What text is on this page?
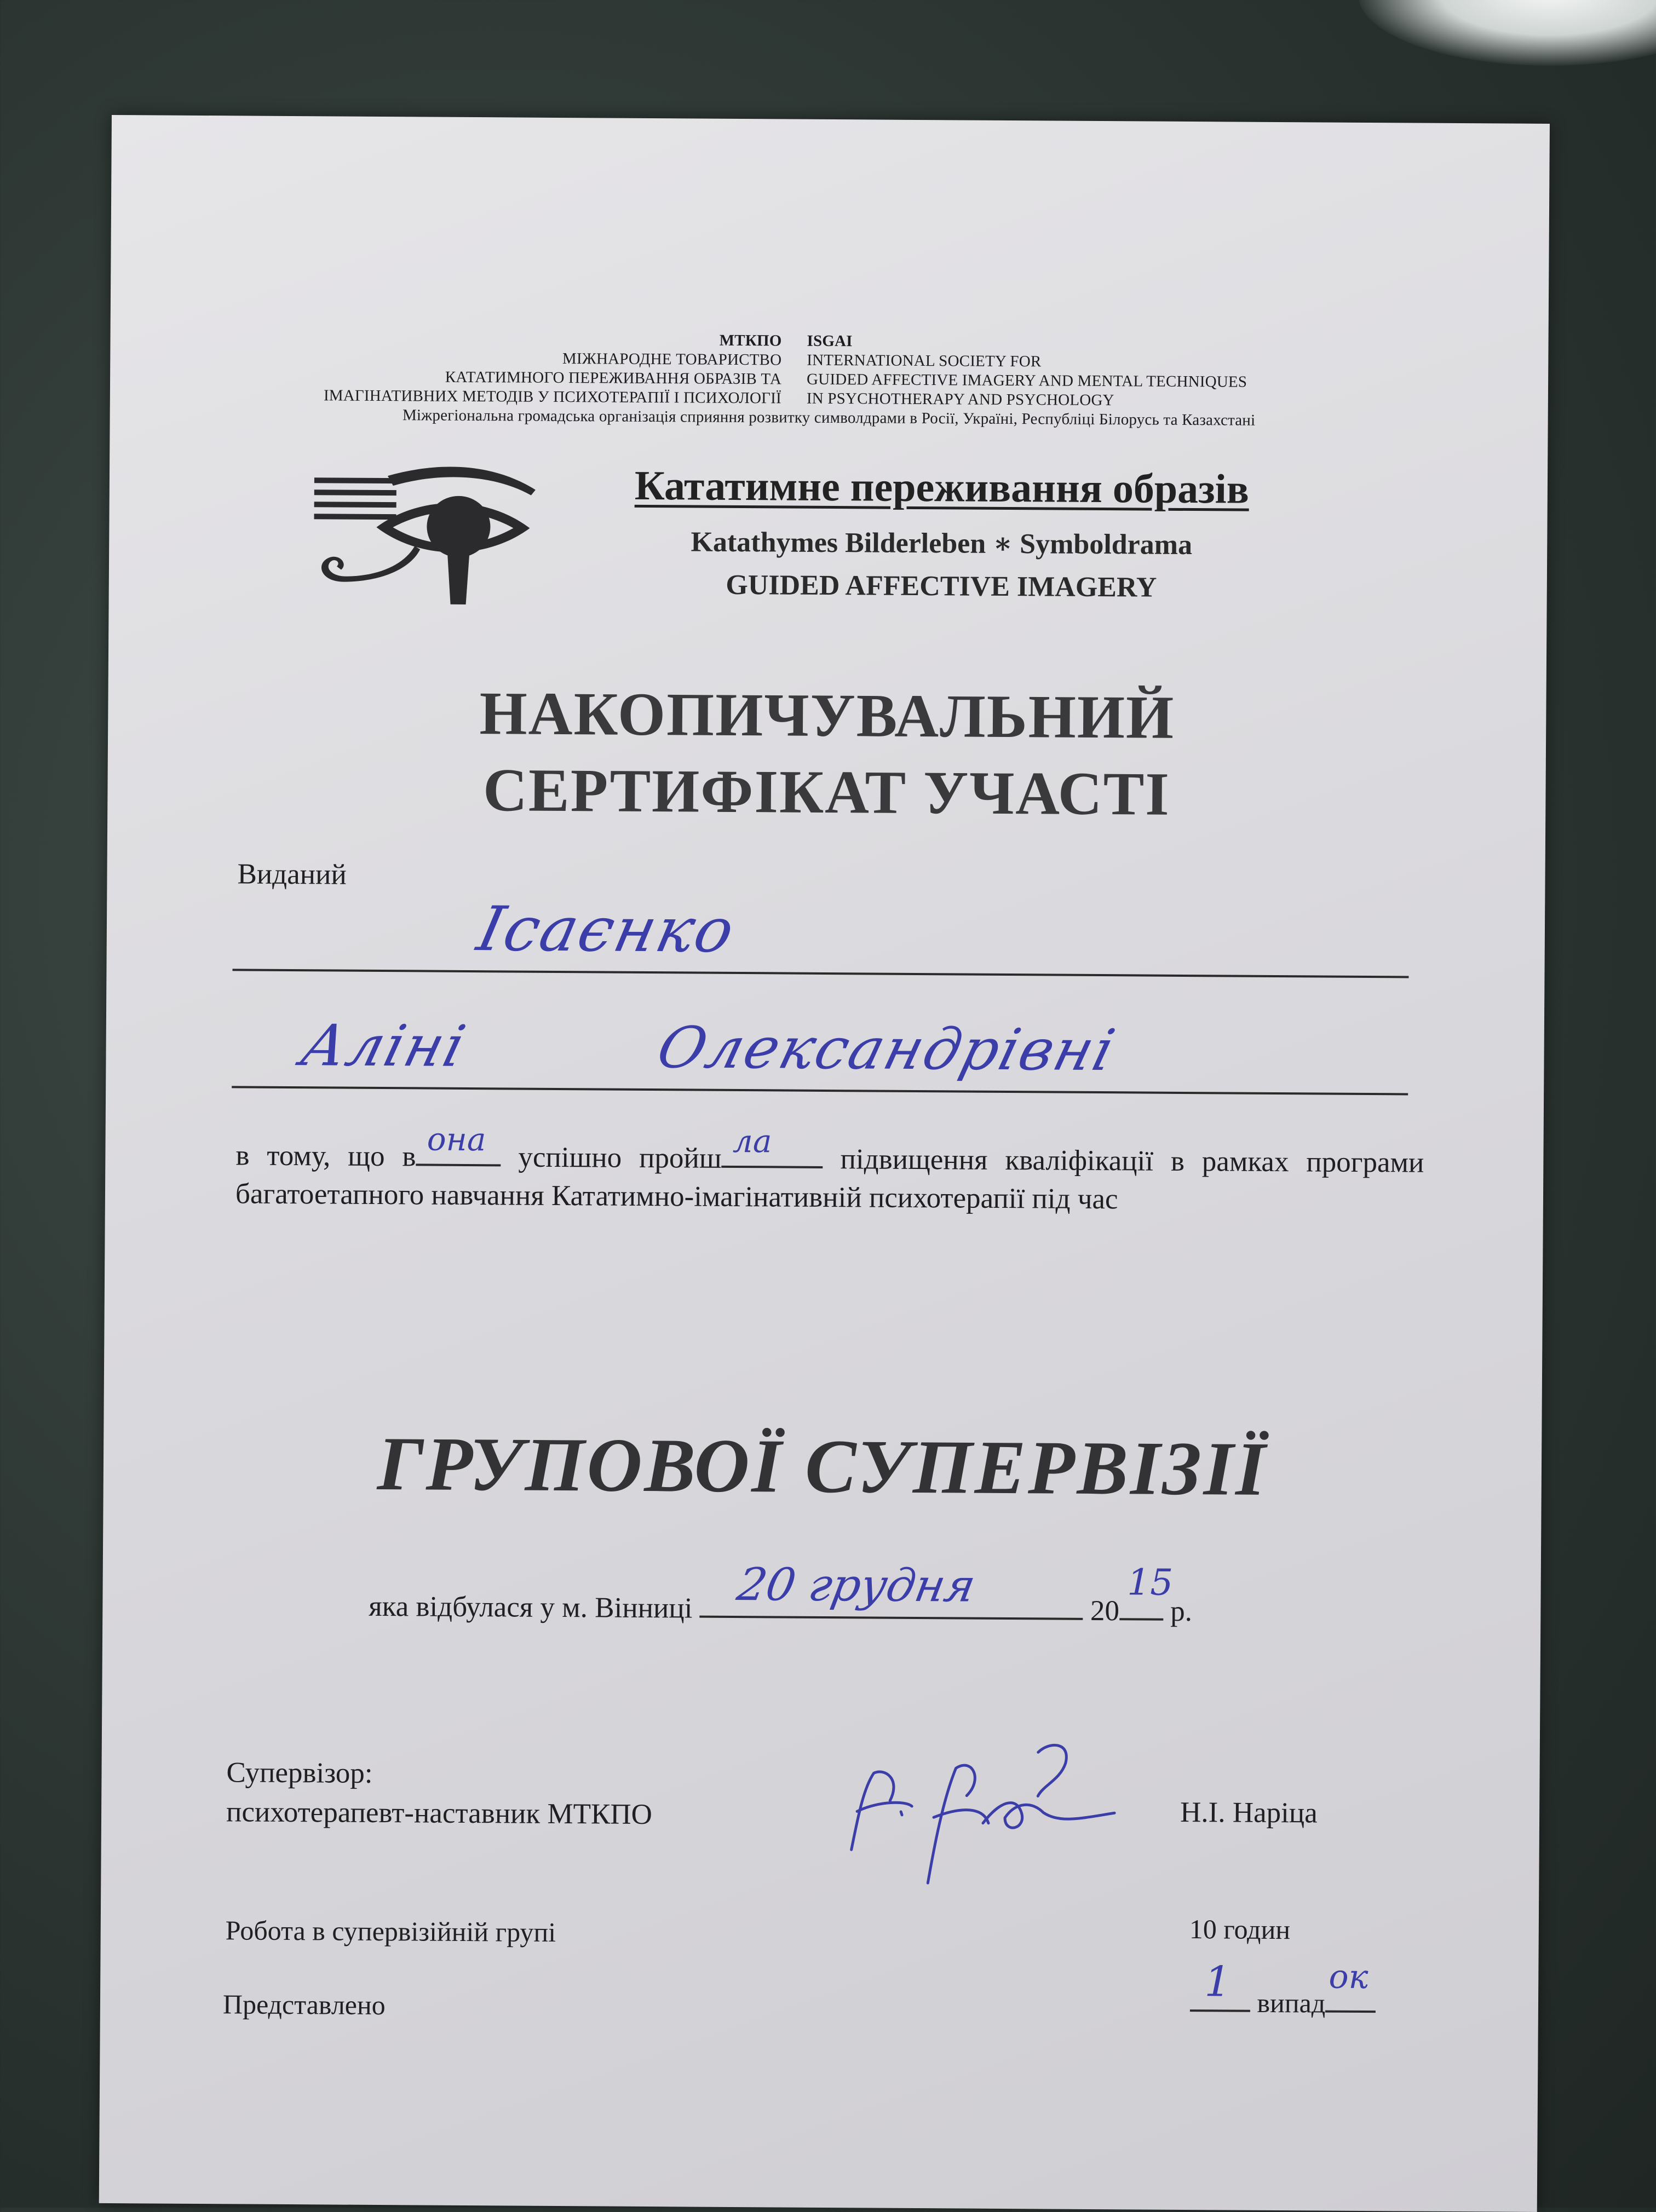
МТКПО
МІЖНАРОДНЕ ТОВАРИСТВО
КАТАТИМНОГО ПЕРЕЖИВАННЯ ОБРАЗІВ ТА
ІМАГІНАТИВНИХ МЕТОДІВ У ПСИХОТЕРАПІЇ І ПСИХОЛОГІЇ
ISGAI
INTERNATIONAL SOCIETY FOR
GUIDED AFFECTIVE IMAGERY AND MENTAL TECHNIQUES
IN PSYCHOTHERAPY AND PSYCHOLOGY
Міжрегіональна громадська організація сприяння розвитку символдрами в Росії, Україні, Республіці Білорусь та Казахстані
Кататимне переживання образів
Katathymes Bilderleben ∗ Symboldrama
GUIDED AFFECTIVE IMAGERY
НАКОПИЧУВАЛЬНИЙ
СЕРТИФІКАТ УЧАСТІ
Виданий
Ісаєнко
Аліні	Олександрівні
в тому, що в она успішно пройш ла
підвищення кваліфікації в рамках програми багатоетапного навчання Кататимно-імагінативній психотерапії під час
ГРУПОВОЇ СУПЕРВІЗІЇ
яка відбулася у м. Вінниці 20 грудня	20
15
р.
Супервізор:
психотерапевт-наставник МТКПО	Н.І. Наріца
Робота в супервізійній групі	10 годин
Представлено	1 випад
ок
